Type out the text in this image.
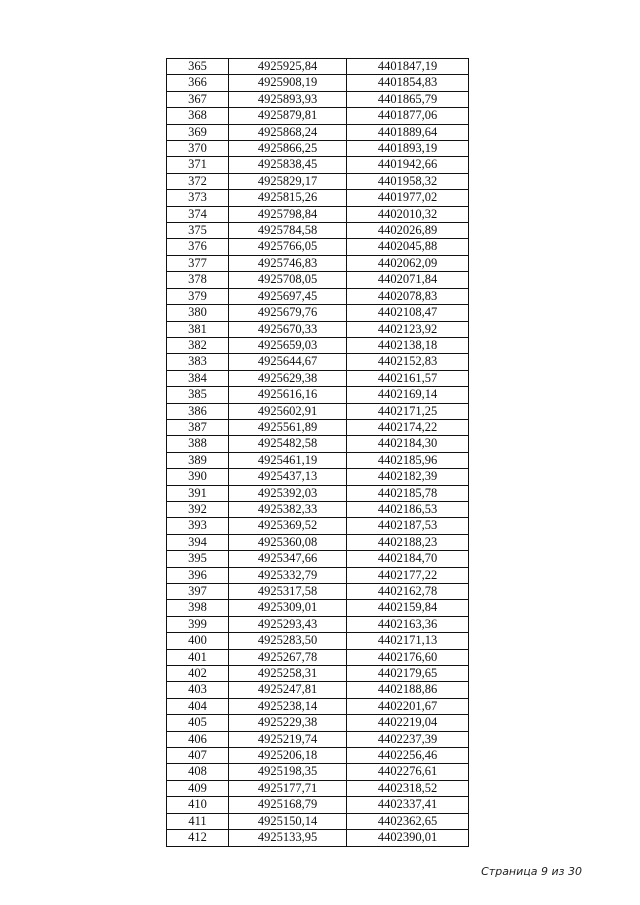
365	4925925,84	4401847,19
366	4925908,19	4401854,83
367	4925893,93	4401865,79
368	4925879,81	4401877,06
369	4925868,24	4401889,64
370	4925866,25	4401893,19
371	4925838,45	4401942,66
372	4925829,17	4401958,32
373	4925815,26	4401977,02
374	4925798,84	4402010,32
375	4925784,58	4402026,89
376	4925766,05	4402045,88
377	4925746,83	4402062,09
378	4925708,05	4402071,84
379	4925697,45	4402078,83
380	4925679,76	4402108,47
381	4925670,33	4402123,92
382	4925659,03	4402138,18
383	4925644,67	4402152,83
384	4925629,38	4402161,57
385	4925616,16	4402169,14
386	4925602,91	4402171,25
387	4925561,89	4402174,22
388	4925482,58	4402184,30
389	4925461,19	4402185,96
390	4925437,13	4402182,39
391	4925392,03	4402185,78
392	4925382,33	4402186,53
393	4925369,52	4402187,53
394	4925360,08	4402188,23
395	4925347,66	4402184,70
396	4925332,79	4402177,22
397	4925317,58	4402162,78
398	4925309,01	4402159,84
399	4925293,43	4402163,36
400	4925283,50	4402171,13
401	4925267,78	4402176,60
402	4925258,31	4402179,65
403	4925247,81	4402188,86
404	4925238,14	4402201,67
405	4925229,38	4402219,04
406	4925219,74	4402237,39
407	4925206,18	4402256,46
408	4925198,35	4402276,61
409	4925177,71	4402318,52
410	4925168,79	4402337,41
411	4925150,14	4402362,65
412	4925133,95	4402390,01
Страница 9 из 30
